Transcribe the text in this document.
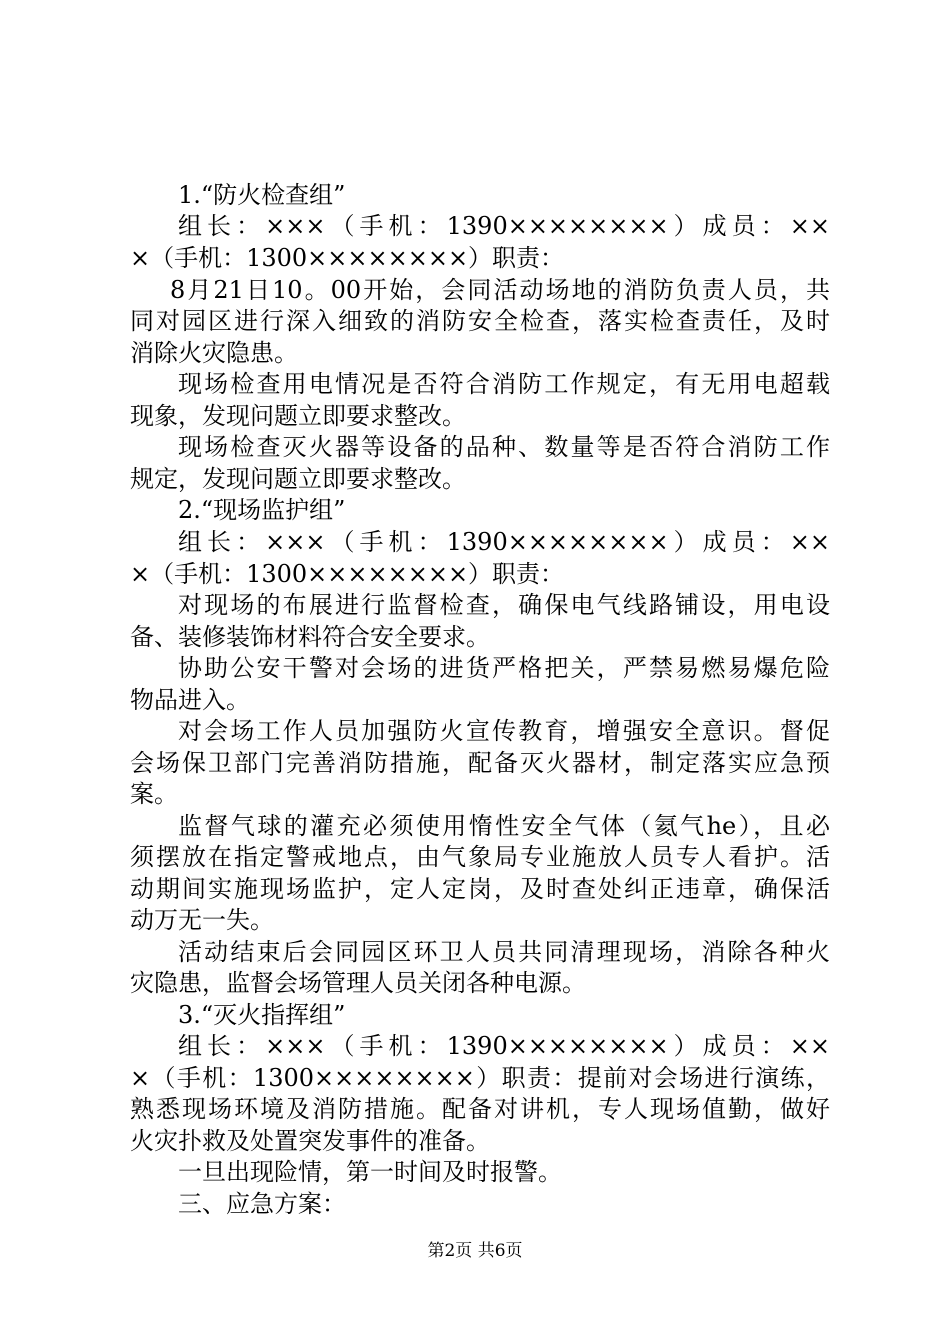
1.“防火检查组”
组长：×××（手机：1390××××××××）成员：××
×（手机：1300××××××××）职责：
8月21日10。00开始，会同活动场地的消防负责人员，共
同对园区进行深入细致的消防安全检查，落实检查责任，及时
消除火灾隐患。
现场检查用电情况是否符合消防工作规定，有无用电超载
现象，发现问题立即要求整改。
现场检查灭火器等设备的品种、数量等是否符合消防工作
规定，发现问题立即要求整改。
2.“现场监护组”
组长：×××（手机：1390××××××××）成员：××
×（手机：1300××××××××）职责：
对现场的布展进行监督检查，确保电气线路铺设，用电设
备、装修装饰材料符合安全要求。
协助公安干警对会场的进货严格把关，严禁易燃易爆危险
物品进入。
对会场工作人员加强防火宣传教育，增强安全意识。督促
会场保卫部门完善消防措施，配备灭火器材，制定落实应急预
案。
监督气球的灌充必须使用惰性安全气体（氦气he），且必
须摆放在指定警戒地点，由气象局专业施放人员专人看护。活
动期间实施现场监护，定人定岗，及时查处纠正违章，确保活
动万无一失。
活动结束后会同园区环卫人员共同清理现场，消除各种火
灾隐患，监督会场管理人员关闭各种电源。
3.“灭火指挥组”
组长：×××（手机：1390××××××××）成员：××
×（手机：1300××××××××）职责：提前对会场进行演练，
熟悉现场环境及消防措施。配备对讲机，专人现场值勤，做好
火灾扑救及处置突发事件的准备。
一旦出现险情，第一时间及时报警。
三、应急方案：
第2页 共6页
